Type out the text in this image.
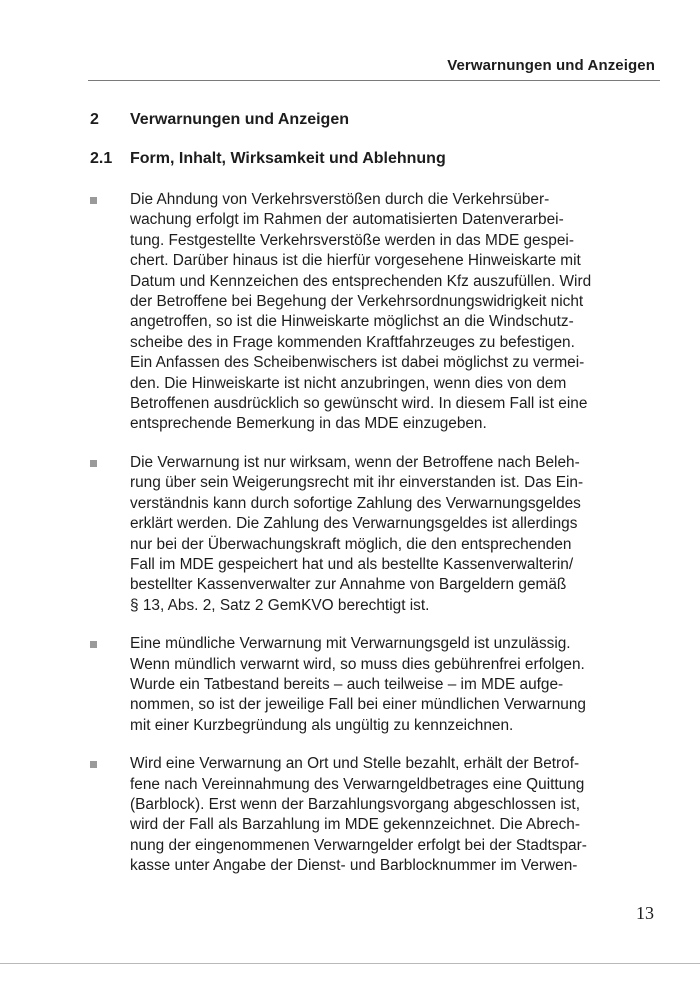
Verwarnungen und Anzeigen
2 Verwarnungen und Anzeigen
2.1 Form, Inhalt, Wirksamkeit und Ablehnung
Die Ahndung von Verkehrsverstößen durch die Verkehrsüber-
wachung erfolgt im Rahmen der automatisierten Datenverarbei-
tung. Festgestellte Verkehrsverstöße werden in das MDE gespei-
chert. Darüber hinaus ist die hierfür vorgesehene Hinweiskarte mit
Datum und Kennzeichen des entsprechenden Kfz auszufüllen. Wird
der Betroffene bei Begehung der Verkehrsordnungswidrigkeit nicht
angetroffen, so ist die Hinweiskarte möglichst an die Windschutz-
scheibe des in Frage kommenden Kraftfahrzeuges zu befestigen.
Ein Anfassen des Scheibenwischers ist dabei möglichst zu vermei-
den. Die Hinweiskarte ist nicht anzubringen, wenn dies von dem
Betroffenen ausdrücklich so gewünscht wird. In diesem Fall ist eine
entsprechende Bemerkung in das MDE einzugeben.
Die Verwarnung ist nur wirksam, wenn der Betroffene nach Beleh-
rung über sein Weigerungsrecht mit ihr einverstanden ist. Das Ein-
verständnis kann durch sofortige Zahlung des Verwarnungsgeldes
erklärt werden. Die Zahlung des Verwarnungsgeldes ist allerdings
nur bei der Überwachungskraft möglich, die den entsprechenden
Fall im MDE gespeichert hat und als bestellte Kassenverwalterin/
bestellter Kassenverwalter zur Annahme von Bargeldern gemäß
§ 13, Abs. 2, Satz 2 GemKVO berechtigt ist.
Eine mündliche Verwarnung mit Verwarnungsgeld ist unzulässig.
Wenn mündlich verwarnt wird, so muss dies gebührenfrei erfolgen.
Wurde ein Tatbestand bereits – auch teilweise – im MDE aufge-
nommen, so ist der jeweilige Fall bei einer mündlichen Verwarnung
mit einer Kurzbegründung als ungültig zu kennzeichnen.
Wird eine Verwarnung an Ort und Stelle bezahlt, erhält der Betrof-
fene nach Vereinnahmung des Verwarngeldbetrages eine Quittung
(Barblock). Erst wenn der Barzahlungsvorgang abgeschlossen ist,
wird der Fall als Barzahlung im MDE gekennzeichnet. Die Abrech-
nung der eingenommenen Verwarngelder erfolgt bei der Stadtspar-
kasse unter Angabe der Dienst- und Barblocknummer im Verwen-
13
